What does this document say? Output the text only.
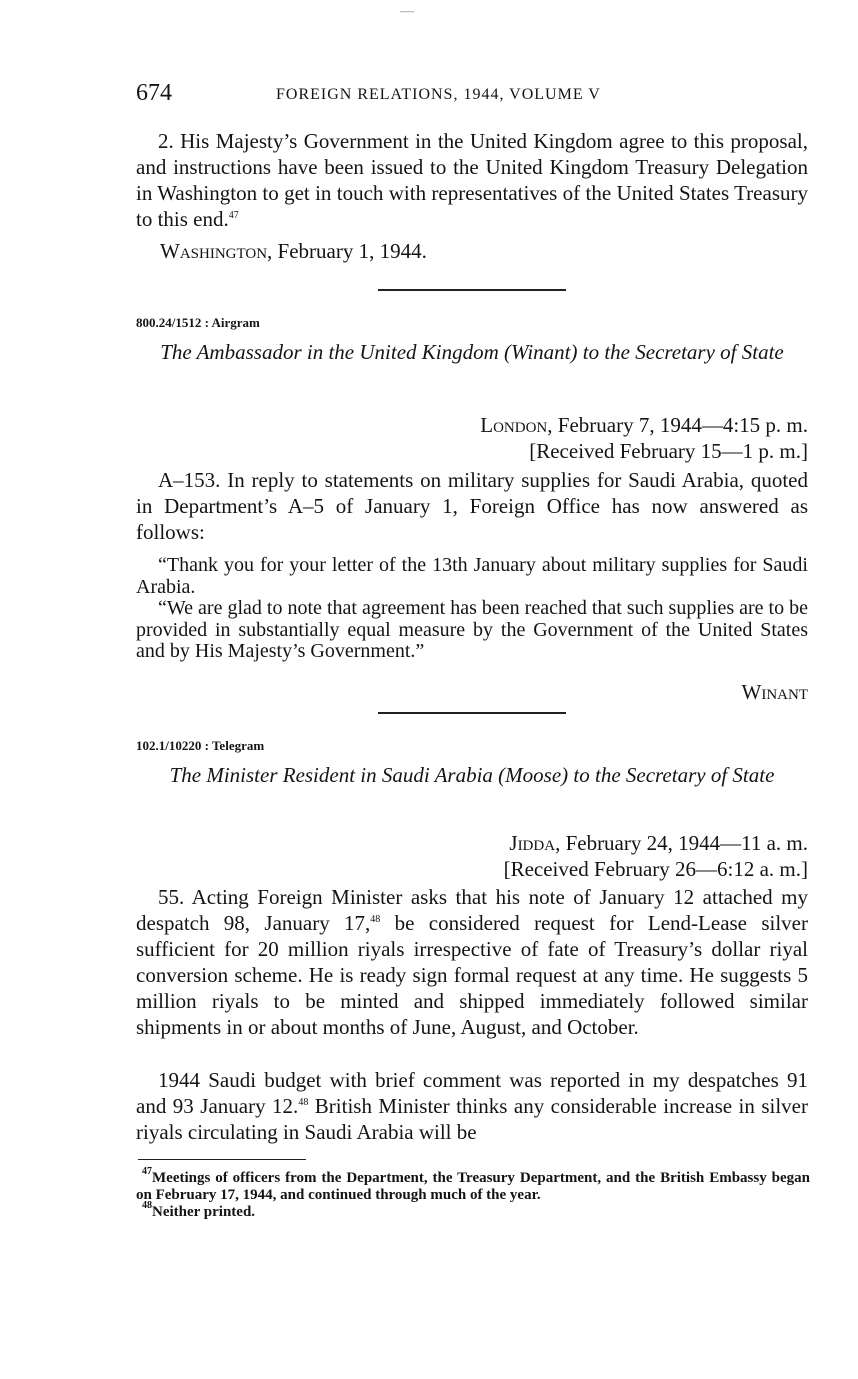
—
674	FOREIGN RELATIONS, 1944, VOLUME V

2. His Majesty’s Government in the United Kingdom agree to this proposal, and instructions have been issued to the United Kingdom Treasury Delegation in Washington to get in touch with representatives of the United States Treasury to this end.$^{47}$

Washington, February 1, 1944.
800.24/1512 : Airgram
The Ambassador in the United Kingdom (Winant) to the Secretary of State
London, February 7, 1944—4:15 p. m.
[Received February 15—1 p. m.]

A–153. In reply to statements on military supplies for Saudi Arabia, quoted in Department’s A–5 of January 1, Foreign Office has now answered as follows:

“Thank you for your letter of the 13th January about military supplies for Saudi Arabia.

“We are glad to note that agreement has been reached that such supplies are to be provided in substantially equal measure by the Government of the United States and by His Majesty’s Government.”

Winant
102.1/10220 : Telegram
The Minister Resident in Saudi Arabia (Moose) to the Secretary of State
Jidda, February 24, 1944—11 a. m.
[Received February 26—6:12 a. m.]

55. Acting Foreign Minister asks that his note of January 12 attached my despatch 98, January 17,48 be considered request for Lend-Lease silver sufficient for 20 million riyals irrespective of fate of Treasury’s dollar riyal conversion scheme. He is ready sign formal request at any time. He suggests 5 million riyals to be minted and shipped immediately followed similar shipments in or about months of June, August, and October.

1944 Saudi budget with brief comment was reported in my despatches 91 and 93 January 12.48 British Minister thinks any considerable increase in silver riyals circulating in Saudi Arabia will be

$^{47}$Meetings of officers from the Department, the Treasury Department, and the British Embassy began on February 17, 1944, and continued through much of the year.

$^{48}$Neither printed.
